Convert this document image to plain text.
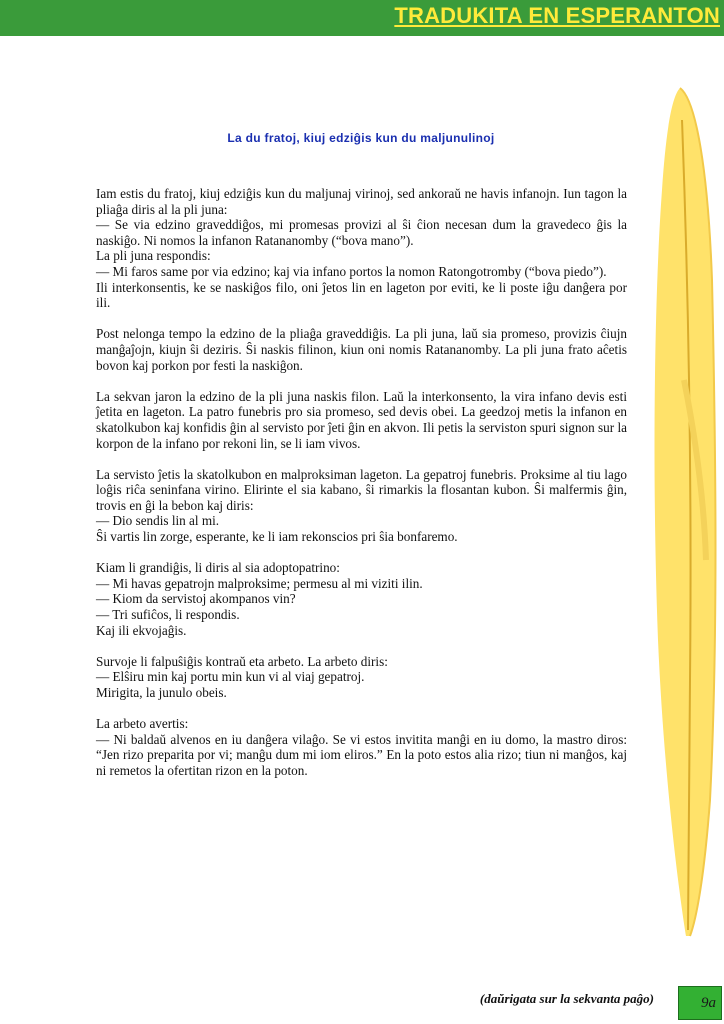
TRADUKITA EN ESPERANTON
La du fratoj, kiuj edziĝis kun du maljunulinoj

Iam estis du fratoj, kiuj edziĝis kun du maljunaj virinoj, sed ankoraŭ ne havis infanojn. Iun tagon la pliaĝa diris al la pli juna:
— Se via edzino graveddiĝos, mi promesas provizi al ŝi ĉion necesan dum la gravedeco ĝis la naskiĝo. Ni nomos la infanon Ratananomby (“bova mano”).
La pli juna respondis:
— Mi faros same por via edzino; kaj via infano portos la nomon Ratongotromby (“bova piedo”).
Ili interkonsentis, ke se naskiĝos filo, oni ĵetos lin en lageton por eviti, ke li poste iĝu danĝera por ili.

Post nelonga tempo la edzino de la pliaĝa graveddiĝis. La pli juna, laŭ sia promeso, provizis ĉiujn manĝaĵojn, kiujn ŝi deziris. Ŝi naskis filinon, kiun oni nomis Ratananomby. La pli juna frato aĉetis bovon kaj porkon por festi la naskiĝon.

La sekvan jaron la edzino de la pli juna naskis filon. Laŭ la interkonsento, la vira infano devis esti ĵetita en lageton. La patro funebris pro sia promeso, sed devis obei. La geedzoj metis la infanon en skatolkubon kaj konfidis ĝin al servisto por ĵeti ĝin en akvon. Ili petis la serviston spuri signon sur la korpon de la infano por rekoni lin, se li iam vivos.

La servisto ĵetis la skatolkubon en malproksiman lageton. La gepatroj funebris. Proksime al tiu lago loĝis riĉa seninfana virino. Elirinte el sia kabano, ŝi rimarkis la flosantan kubon. Ŝi malfermis ĝin, trovis en ĝi la bebon kaj diris:
— Dio sendis lin al mi.
Ŝi vartis lin zorge, esperante, ke li iam rekonscios pri ŝia bonfaremo.

Kiam li grandiĝis, li diris al sia adoptopatrino:
— Mi havas gepatrojn malproksime; permesu al mi viziti ilin.
— Kiom da servistoj akompanos vin?
— Tri sufiĉos, li respondis.
Kaj ili ekvojaĝis.

Survoje li falpuŝiĝis kontraŭ eta arbeto. La arbeto diris:
— Elŝiru min kaj portu min kun vi al viaj gepatroj.
Mirigita, la junulo obeis.

La arbeto avertis:
— Ni baldaŭ alvenos en iu danĝera vilaĝo. Se vi estos invitita manĝi en iu domo, la mastro diros: “Jen rizo preparita por vi; manĝu dum mi iom eliros.” En la poto estos alia rizo; tiun ni manĝos, kaj ni remetos la ofertitan rizon en la poton.

(daŭrigata sur la sekvanta paĝo)	9a
